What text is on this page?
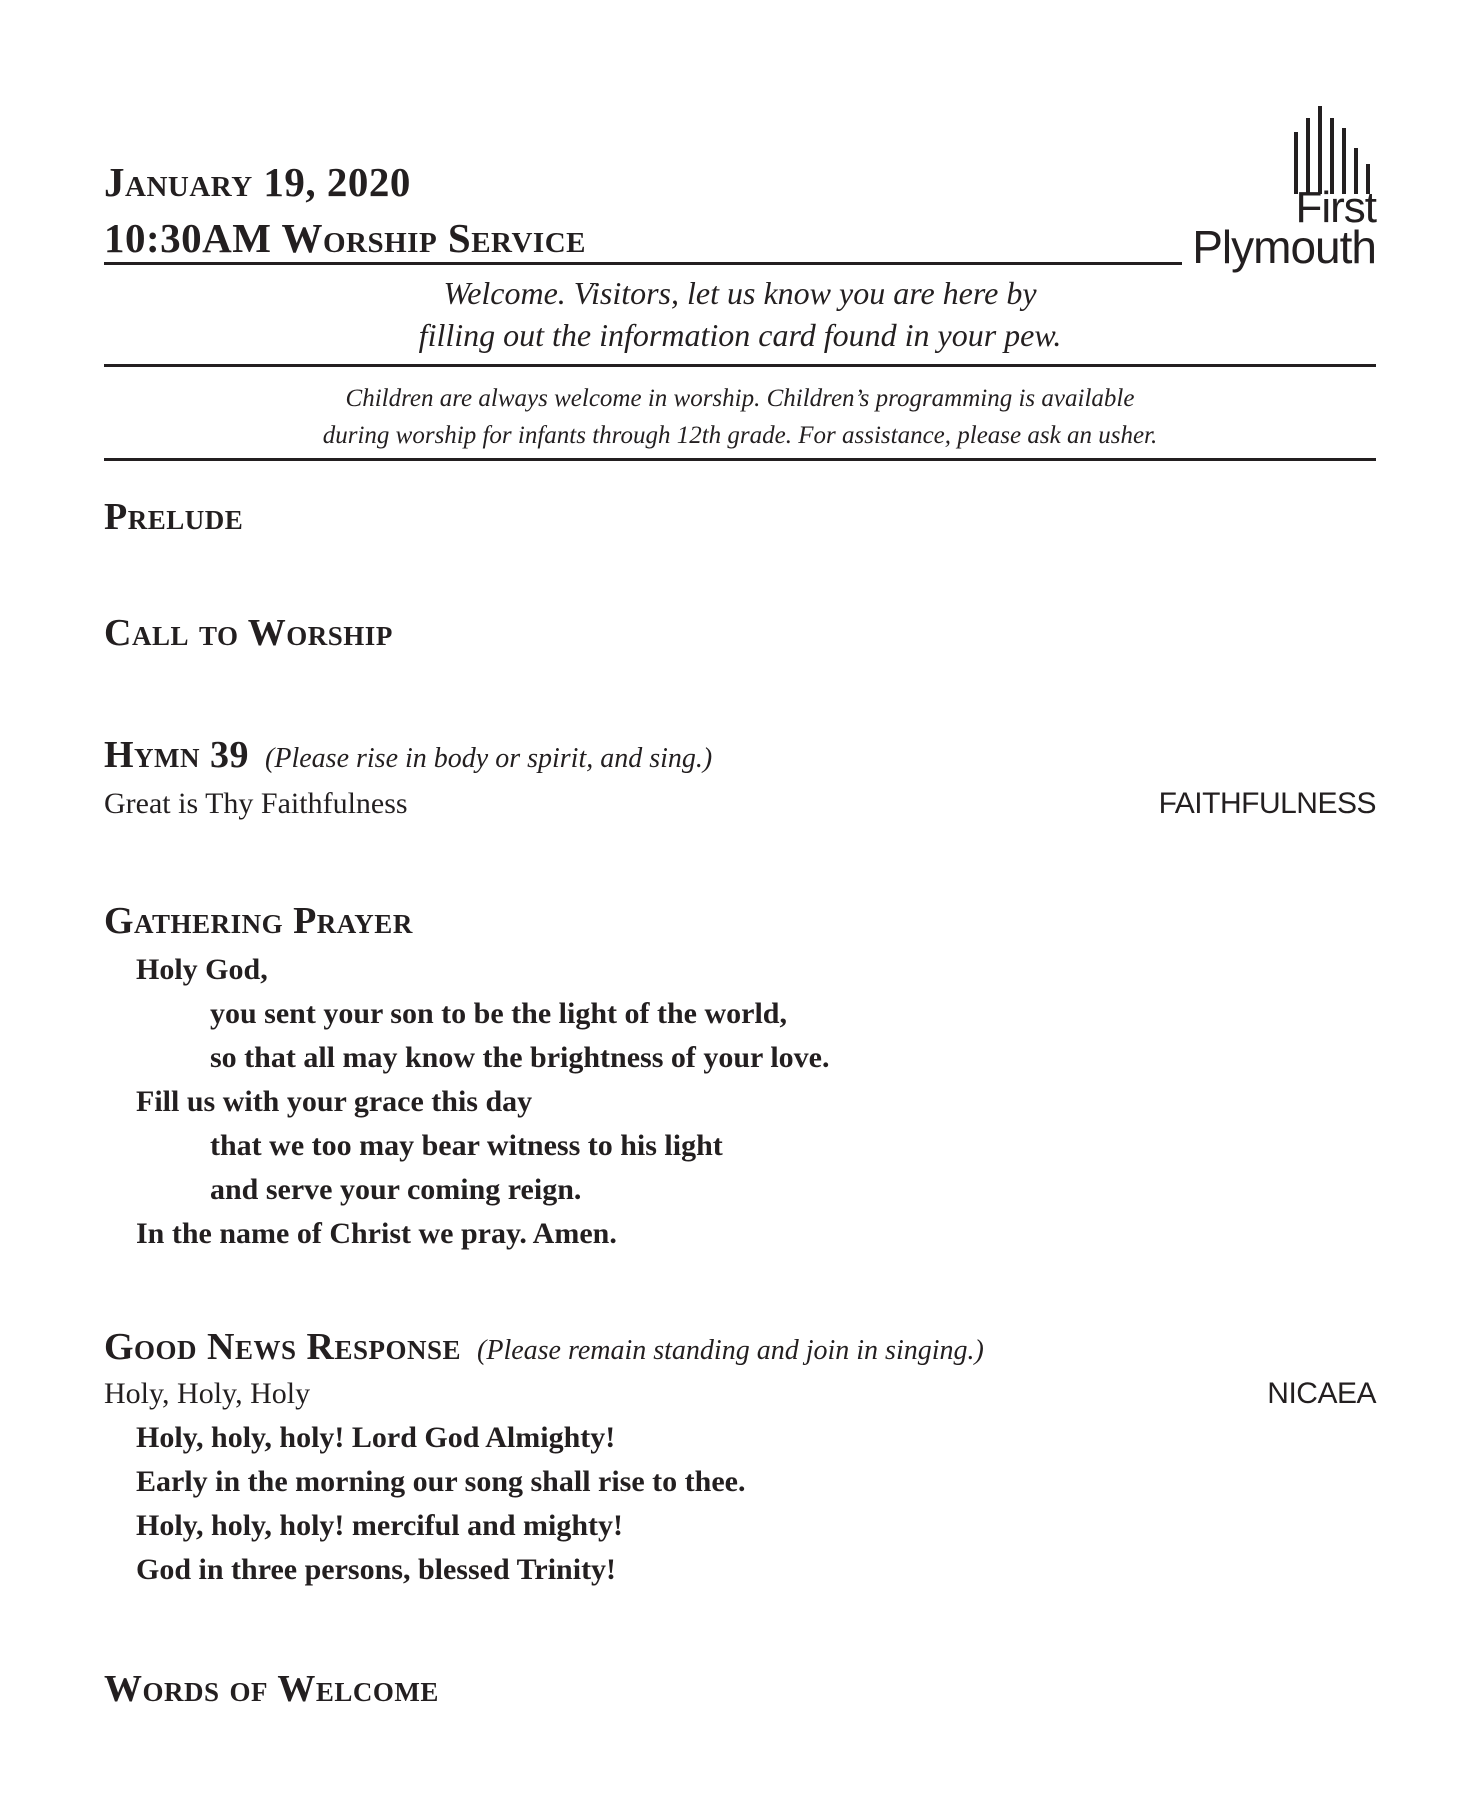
January 19, 2020
10:30AM Worship Service
First
Plymouth
Welcome. Visitors, let us know you are here by
filling out the information card found in your pew.
Children are always welcome in worship. Children’s programming is available
during worship for infants through 12th grade. For assistance, please ask an usher.
Prelude
Call to Worship
Hymn 39 (Please rise in body or spirit, and sing.)
Great is Thy Faithfulness	FAITHFULNESS
Gathering Prayer
Holy God,
you sent your son to be the light of the world,
so that all may know the brightness of your love.
Fill us with your grace this day
that we too may bear witness to his light
and serve your coming reign.
In the name of Christ we pray. Amen.
Good News Response (Please remain standing and join in singing.)
Holy, Holy, Holy	NICAEA
Holy, holy, holy! Lord God Almighty!
Early in the morning our song shall rise to thee.
Holy, holy, holy! merciful and mighty!
God in three persons, blessed Trinity!
Words of Welcome
